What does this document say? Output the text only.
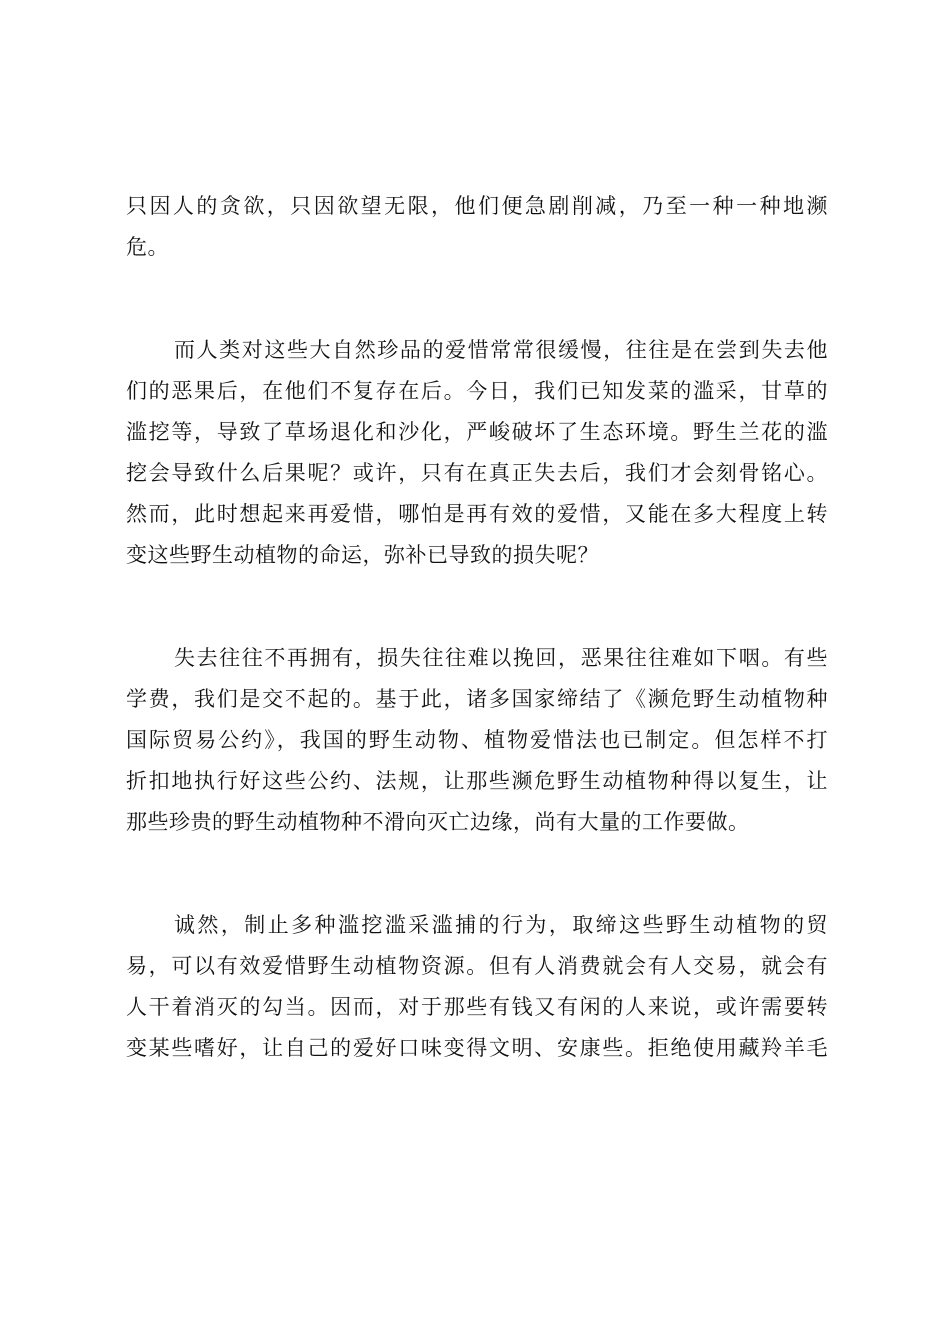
只因人的贪欲，只因欲望无限，他们便急剧削减，乃至一种一种地濒
危。
而人类对这些大自然珍品的爱惜常常很缓慢，往往是在尝到失去他
们的恶果后，在他们不复存在后。今日，我们已知发菜的滥采，甘草的
滥挖等，导致了草场退化和沙化，严峻破坏了生态环境。野生兰花的滥
挖会导致什么后果呢？或许，只有在真正失去后，我们才会刻骨铭心。
然而，此时想起来再爱惜，哪怕是再有效的爱惜，又能在多大程度上转
变这些野生动植物的命运，弥补已导致的损失呢？
失去往往不再拥有，损失往往难以挽回，恶果往往难如下咽。有些
学费，我们是交不起的。基于此，诸多国家缔结了《濒危野生动植物种
国际贸易公约》，我国的野生动物、植物爱惜法也已制定。但怎样不打
折扣地执行好这些公约、法规，让那些濒危野生动植物种得以复生，让
那些珍贵的野生动植物种不滑向灭亡边缘，尚有大量的工作要做。
诚然，制止多种滥挖滥采滥捕的行为，取缔这些野生动植物的贸
易，可以有效爱惜野生动植物资源。但有人消费就会有人交易，就会有
人干着消灭的勾当。因而，对于那些有钱又有闲的人来说，或许需要转
变某些嗜好，让自己的爱好口味变得文明、安康些。拒绝使用藏羚羊毛
